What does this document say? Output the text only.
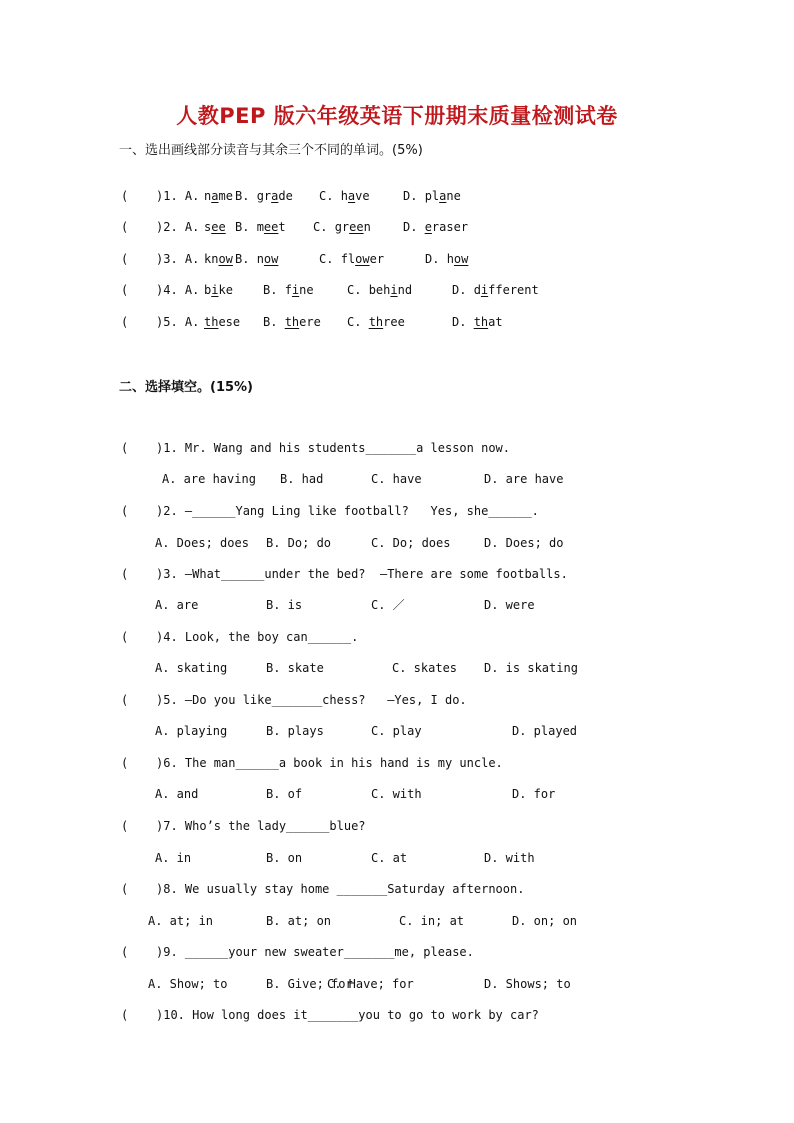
人教PEP 版六年级英语下册期末质量检测试卷
一、选出画线部分读音与其余三个不同的单词。(5%)
( )1. A. name B. grade C. have	D. plane
( )2. A. see B. meet C. green	D. eraser
( )3. A. know B. now	C. flower	D. how
( )4. A. bike	B. fine	C. behind	D. different
( )5. A. these B. there C. three	D. that
二、选择填空。(15%)
( )1. Mr. Wang and his students_______a lesson now.
A. are having B. had	C. have	D. are have
( )2. —______Yang Ling like football?   Yes, she______.
A. Does; does B. Do; do	C. Do; does	D. Does; do
( )3. —What______under the bed?  —There are some footballs.
A. are	B. is	C. ／	D. were
( )4. Look, the boy can______.
A. skating	B. skate	C. skates D. is skating
( )5. —Do you like_______chess?   —Yes, I do.
A. playing	B. plays	C. play	D. played
( )6. The man______a book in his hand is my uncle.
A. and	B. of	C. with	D. for
( )7. Who’s the lady______blue?
A. in	B. on	C. at	D. with
( )8. We usually stay home _______Saturday afternoon.
A. at; in	B. at; on	C. in; at	D. on; on
( )9. ______your new sweater_______me, please.
A. Show; to	B. Give; for
C. Have; for	D. Shows; to
( )10. How long does it_______you to go to work by car?
